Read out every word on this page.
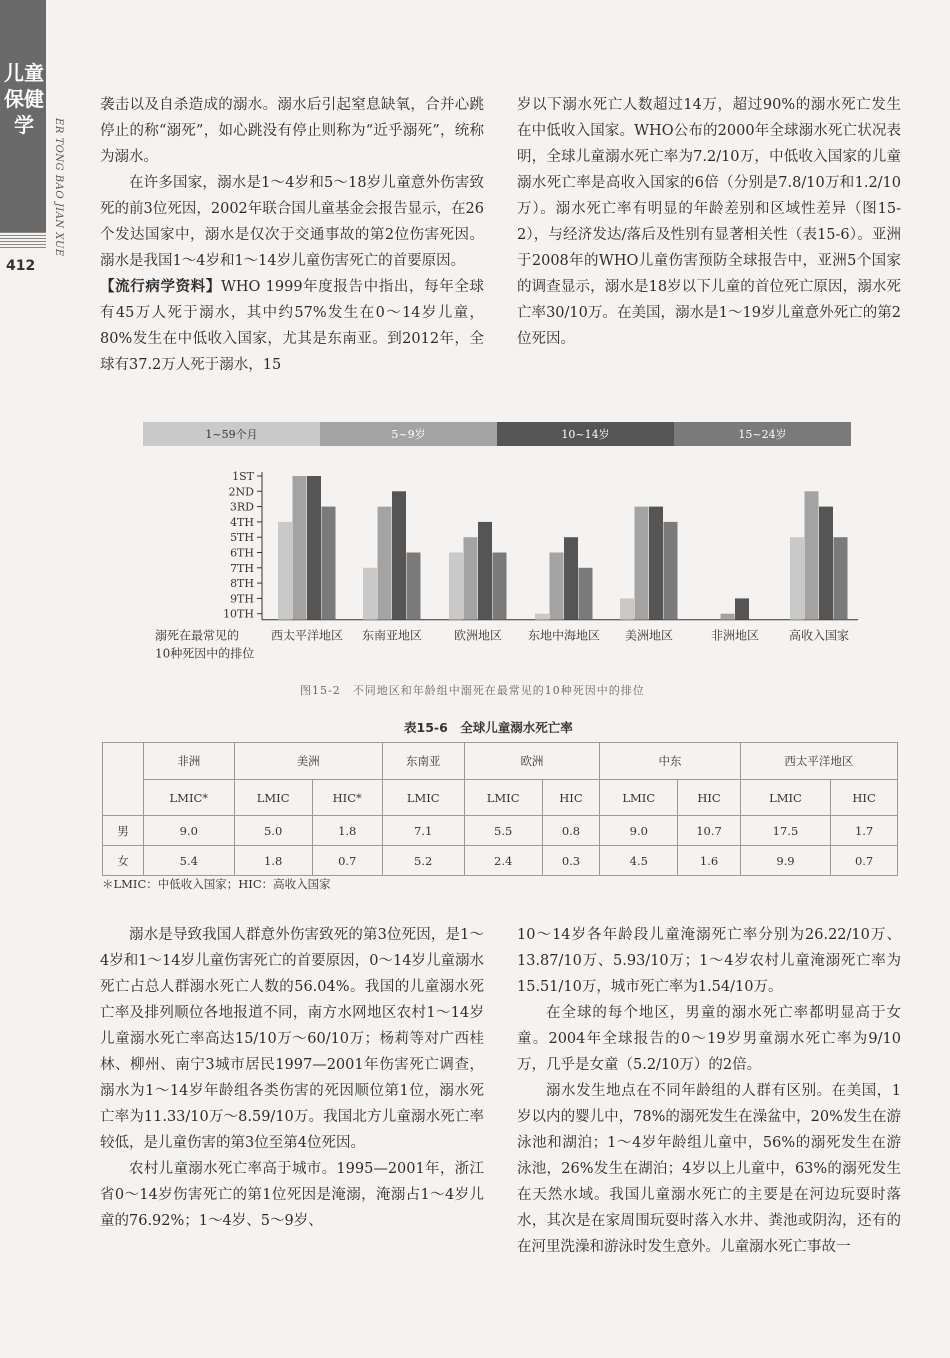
儿童保健学	ER TONG BAO JIAN XUE
412

袭击以及自杀造成的溺水。溺水后引起窒息缺氧，合并心跳停止的称“溺死”，如心跳没有停止则称为“近乎溺死”，统称为溺水。

在许多国家，溺水是1～4岁和5～18岁儿童意外伤害致死的前3位死因，2002年联合国儿童基金会报告显示，在26个发达国家中，溺水是仅次于交通事故的第2位伤害死因。溺水是我国1～4岁和1～14岁儿童伤害死亡的首要原因。

【流行病学资料】WHO 1999年度报告中指出，每年全球有45万人死于溺水，其中约57%发生在0～14岁儿童，80%发生在中低收入国家，尤其是东南亚。到2012年，全球有37.2万人死于溺水，15

岁以下溺水死亡人数超过14万，超过90%的溺水死亡发生在中低收入国家。WHO公布的2000年全球溺水死亡状况表明，全球儿童溺水死亡率为7.2/10万，中低收入国家的儿童溺水死亡率是高收入国家的6倍（分别是7.8/10万和1.2/10万）。溺水死亡率有明显的年龄差别和区域性差异（图15-2），与经济发达/落后及性别有显著相关性（表15-6）。亚洲于2008年的WHO儿童伤害预防全球报告中，亚洲5个国家的调查显示，溺水是18岁以下儿童的首位死亡原因，溺水死亡率30/10万。在美国，溺水是1～19岁儿童意外死亡的第2位死因。

1~59个月	5~9岁	10~14岁	15~24岁
1ST
2ND
3RD
4TH
5TH
6TH
7TH
8TH
9TH
10TH
西太平洋地区 东南亚地区	欧洲地区 东地中海地区 美洲地区	非洲地区 高收入国家
溺死在最常见的
10种死因中的排位
图15-2　不同地区和年龄组中溺死在最常见的10种死因中的排位
表15-6　全球儿童溺水死亡率
	非洲	美洲		东南亚	欧洲		中东		西太平洋地区	
	LMIC*	LMIC	HIC*	LMIC	LMIC	HIC	LMIC	HIC	LMIC	HIC
男	9.0	5.0	1.8	7.1	5.5	0.8	9.0	10.7	17.5	1.7
女	5.4	1.8	0.7	5.2	2.4	0.3	4.5	1.6	9.9	0.7
＊LMIC：中低收入国家；HIC：高收入国家

溺水是导致我国人群意外伤害致死的第3位死因，是1～4岁和1～14岁儿童伤害死亡的首要原因，0～14岁儿童溺水死亡占总人群溺水死亡人数的56.04%。我国的儿童溺水死亡率及排列顺位各地报道不同，南方水网地区农村1～14岁儿童溺水死亡率高达15/10万～60/10万；杨莉等对广西桂林、柳州、南宁3城市居民1997—2001年伤害死亡调查，溺水为1～14岁年龄组各类伤害的死因顺位第1位，溺水死亡率为11.33/10万～8.59/10万。我国北方儿童溺水死亡率较低，是儿童伤害的第3位至第4位死因。

农村儿童溺水死亡率高于城市。1995—2001年，浙江省0～14岁伤害死亡的第1位死因是淹溺，淹溺占1～4岁儿童的76.92%；1～4岁、5～9岁、

10～14岁各年龄段儿童淹溺死亡率分别为26.22/10万、13.87/10万、5.93/10万；1～4岁农村儿童淹溺死亡率为15.51/10万，城市死亡率为1.54/10万。

在全球的每个地区，男童的溺水死亡率都明显高于女童。2004年全球报告的0～19岁男童溺水死亡率为9/10万，几乎是女童（5.2/10万）的2倍。

溺水发生地点在不同年龄组的人群有区别。在美国，1岁以内的婴儿中，78%的溺死发生在澡盆中，20%发生在游泳池和湖泊；1～4岁年龄组儿童中，56%的溺死发生在游泳池，26%发生在湖泊；4岁以上儿童中，63%的溺死发生在天然水域。我国儿童溺水死亡的主要是在河边玩耍时落水，其次是在家周围玩耍时落入水井、粪池或阴沟，还有的在河里洗澡和游泳时发生意外。儿童溺水死亡事故一
